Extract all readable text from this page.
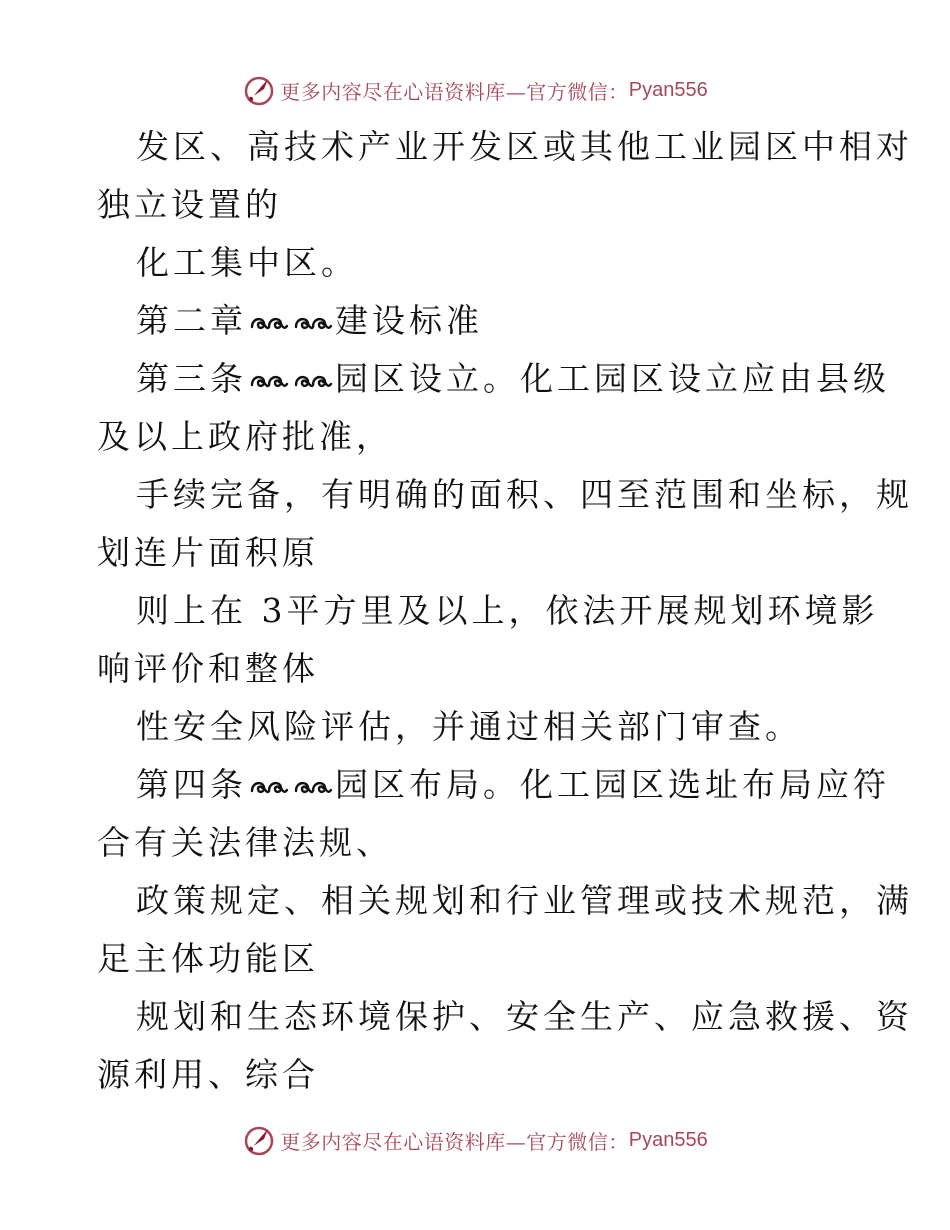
更多内容尽在心语资料库—官方微信： Pyan556
发区、高技术产业开发区或其他工业园区中相对
独立设置的
化工集中区。
第二章	建设标准
第三条	园区设立。化工园区设立应由县级
及以上政府批准，
手续完备，有明确的面积、四至范围和坐标，规
划连片面积原
则上在 3平方里及以上，依法开展规划环境影
响评价和整体
性安全风险评估，并通过相关部门审查。
第四条	园区布局。化工园区选址布局应符
合有关法律法规、
政策规定、相关规划和行业管理或技术规范，满
足主体功能区
规划和生态环境保护、安全生产、应急救援、资
源利用、综合
更多内容尽在心语资料库—官方微信： Pyan556
